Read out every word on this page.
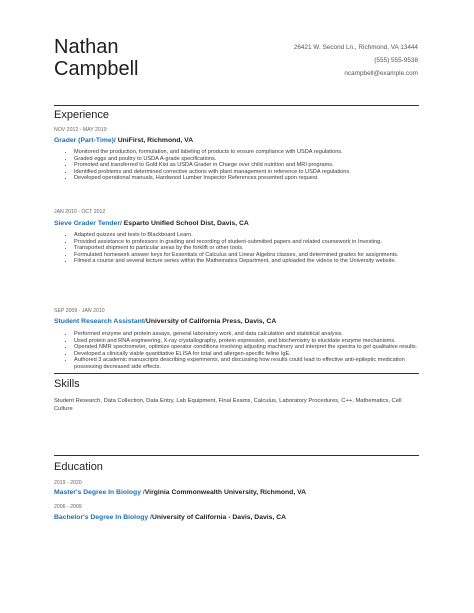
Nathan
Campbell
26421 W. Second Ln., Richmond, VA 13444
(555) 555-9538
ncampbell@example.com
Experience
NOV 2012 - MAY 2019
Grader (Part-Time)/ UniFirst, Richmond, VA
• Monitored the production, formulation, and labeling of products to ensure compliance with USDA regulations.
• Graded eggs and poultry to USDA A-grade specifications.
• Promoted and transferred to Gold Kist as USDA Grader in Charge over child nutrition and MRI programs.
• Identified problems and determined corrective actions with plant management in reference to USDA regulations.
• Developed operational manuals, Hardwood Lumber Inspector References presented upon request.
JAN 2010 - OCT 2012
Sieve Grader Tender/ Esparto Unified School Dist, Davis, CA
• Adapted quizzes and tests to Blackboard Learn.
• Provided assistance to professors in grading and recording of student-submitted papers and related coursework in Investing.
• Transported shipment to particular areas by the forklift or other tools.
• Formulated homework answer keys for Essentials of Calculus and Linear Algebra classes, and determined grades for assignments.
• Filmed a course and several lecture series within the Mathematics Department, and uploaded the videos to the University website.
SEP 2009 - JAN 2010
Student Research Assistant/University of California Press, Davis, CA
• Performed enzyme and protein assays, general laboratory work, and data calculation and statistical analysis.
• Used protein and RNA engineering, X-ray crystallography, protein expression, and biochemistry to elucidate enzyme mechanisms.
• Operated NMR spectrometer, optimize operator conditions involving adjusting machinery and interpret the spectra to get qualitative results.
• Developed a clinically viable quantitative ELISA for total and allergen-specific feline IgE.
• Authored 3 academic manuscripts describing experiments, and discussing how results could lead to effective anti-epileptic medication possessing decreased side effects.
Skills
Student Research, Data Collection, Data Entry, Lab Equipment, Final Exams, Calculus, Laboratory Procedures, C++, Mathematics, Cell Culture
Education
2019 - 2020
Master's Degree In Biology /Virginia Commonwealth University, Richmond, VA
2006 - 2009
Bachelor's Degree In Biology /University of California - Davis, Davis, CA
